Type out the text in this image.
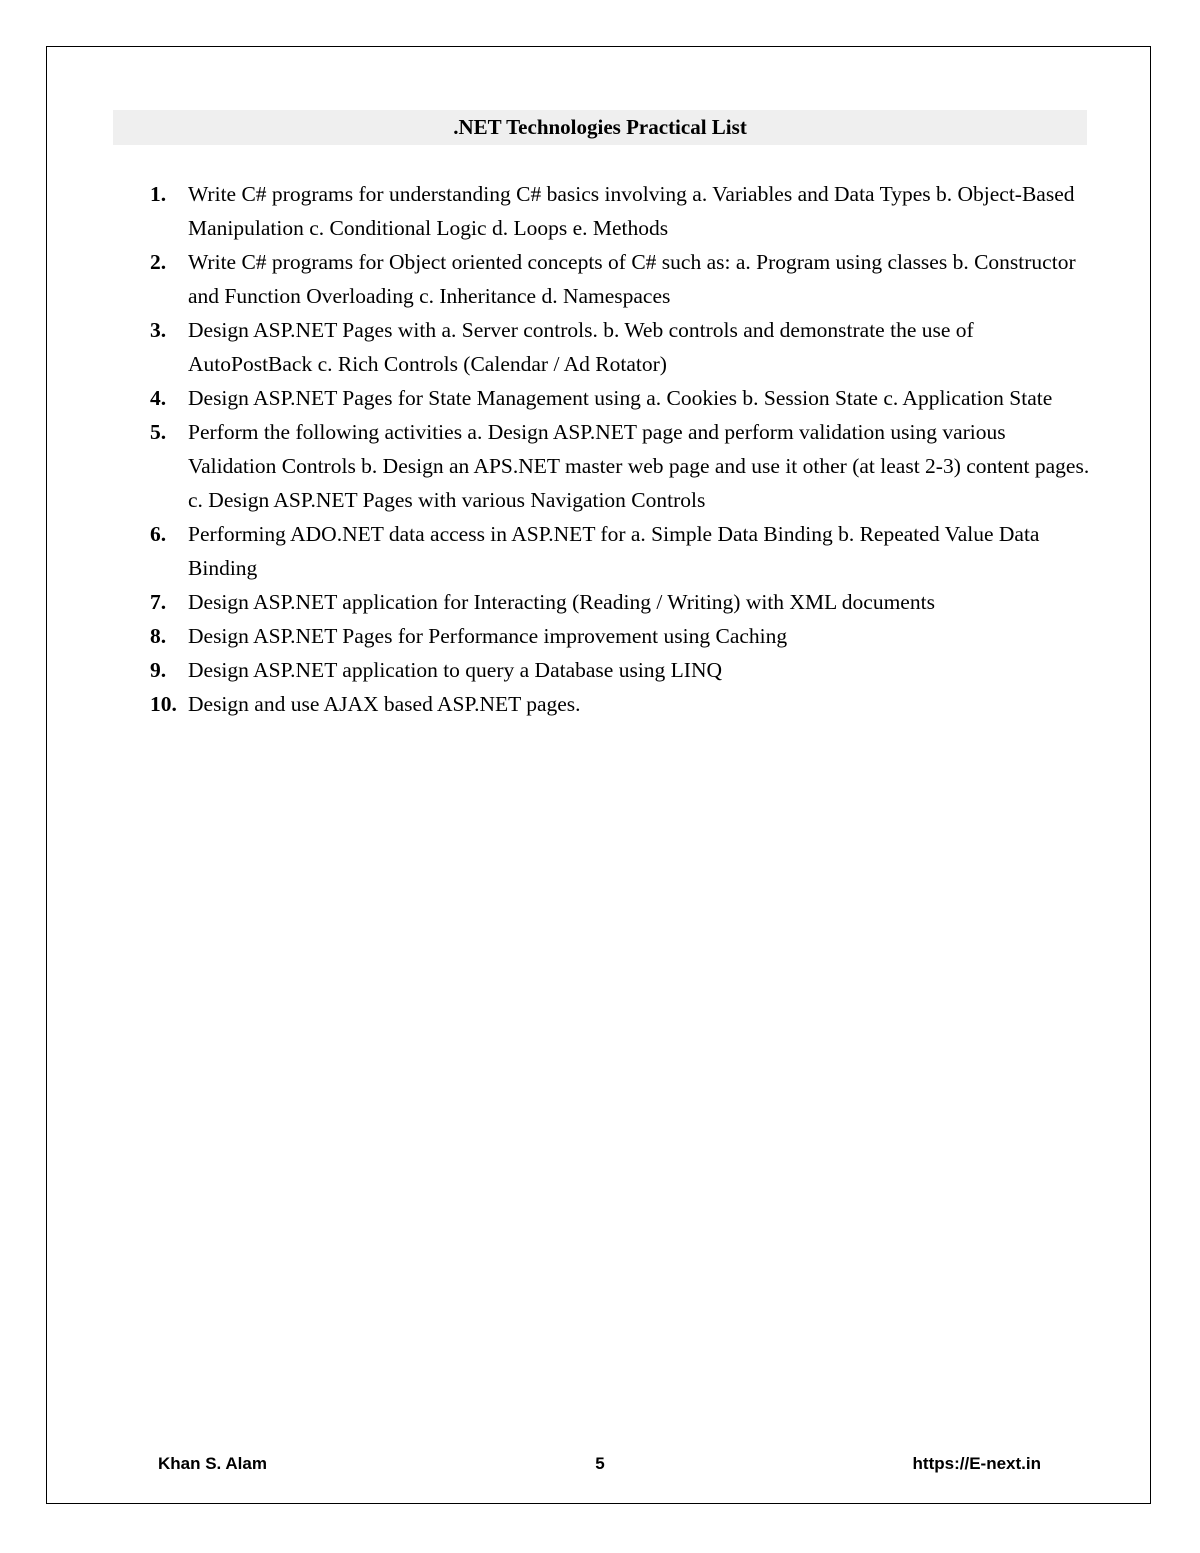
.NET Technologies Practical List
1.	Write C# programs for understanding C# basics involving a. Variables and Data Types b. Object-Based Manipulation c. Conditional Logic d. Loops e. Methods
2.	Write C# programs for Object oriented concepts of C# such as: a. Program using classes b. Constructor and Function Overloading c. Inheritance d. Namespaces
3.	Design ASP.NET Pages with a. Server controls. b. Web controls and demonstrate the use of AutoPostBack c. Rich Controls (Calendar / Ad Rotator)
4.	Design ASP.NET Pages for State Management using a. Cookies b. Session State c. Application State
5.	Perform the following activities a. Design ASP.NET page and perform validation using various Validation Controls b. Design an APS.NET master web page and use it other (at least 2-3) content pages. c. Design ASP.NET Pages with various Navigation Controls
6.	Performing ADO.NET data access in ASP.NET for a. Simple Data Binding b. Repeated Value Data Binding
7.	Design ASP.NET application for Interacting (Reading / Writing) with XML documents
8.	Design ASP.NET Pages for Performance improvement using Caching
9.	Design ASP.NET application to query a Database using LINQ
10. Design and use AJAX based ASP.NET pages.
Khan S. Alam	5	https://E-next.in
